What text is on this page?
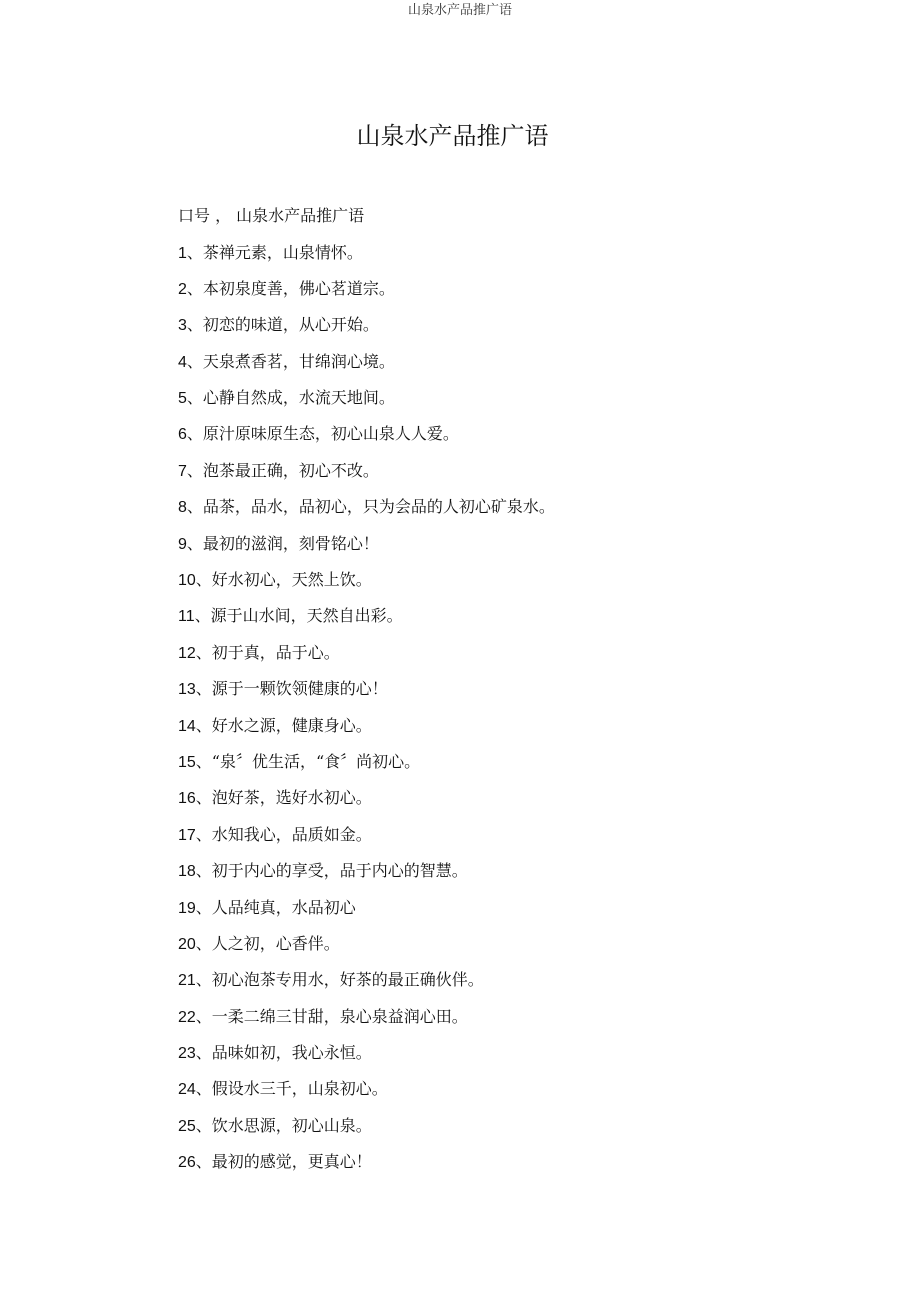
山泉水产品推广语
山泉水产品推广语
口号 ， 山泉水产品推广语
1、茶禅元素，山泉情怀。
2、本初泉度善，佛心茗道宗。
3、初恋的味道，从心开始。
4、天泉煮香茗，甘绵润心境。
5、心静自然成，水流天地间。
6、原汁原味原生态，初心山泉人人爱。
7、泡茶最正确，初心不改。
8、品茶，品水，品初心，只为会品的人初心矿泉水。
9、最初的滋润，刻骨铭心！
10、好水初心，天然上饮。
11、源于山水间，天然自出彩。
12、初于真，品于心。
13、源于一颗饮领健康的心！
14、好水之源，健康身心。
15、“泉〞优生活，“食〞尚初心。
16、泡好茶，选好水初心。
17、水知我心，品质如金。
18、初于内心的享受，品于内心的智慧。
19、人品纯真，水品初心
20、人之初，心香伴。
21、初心泡茶专用水，好茶的最正确伙伴。
22、一柔二绵三甘甜，泉心泉益润心田。
23、品味如初，我心永恒。
24、假设水三千，山泉初心。
25、饮水思源，初心山泉。
26、最初的感觉，更真心！
